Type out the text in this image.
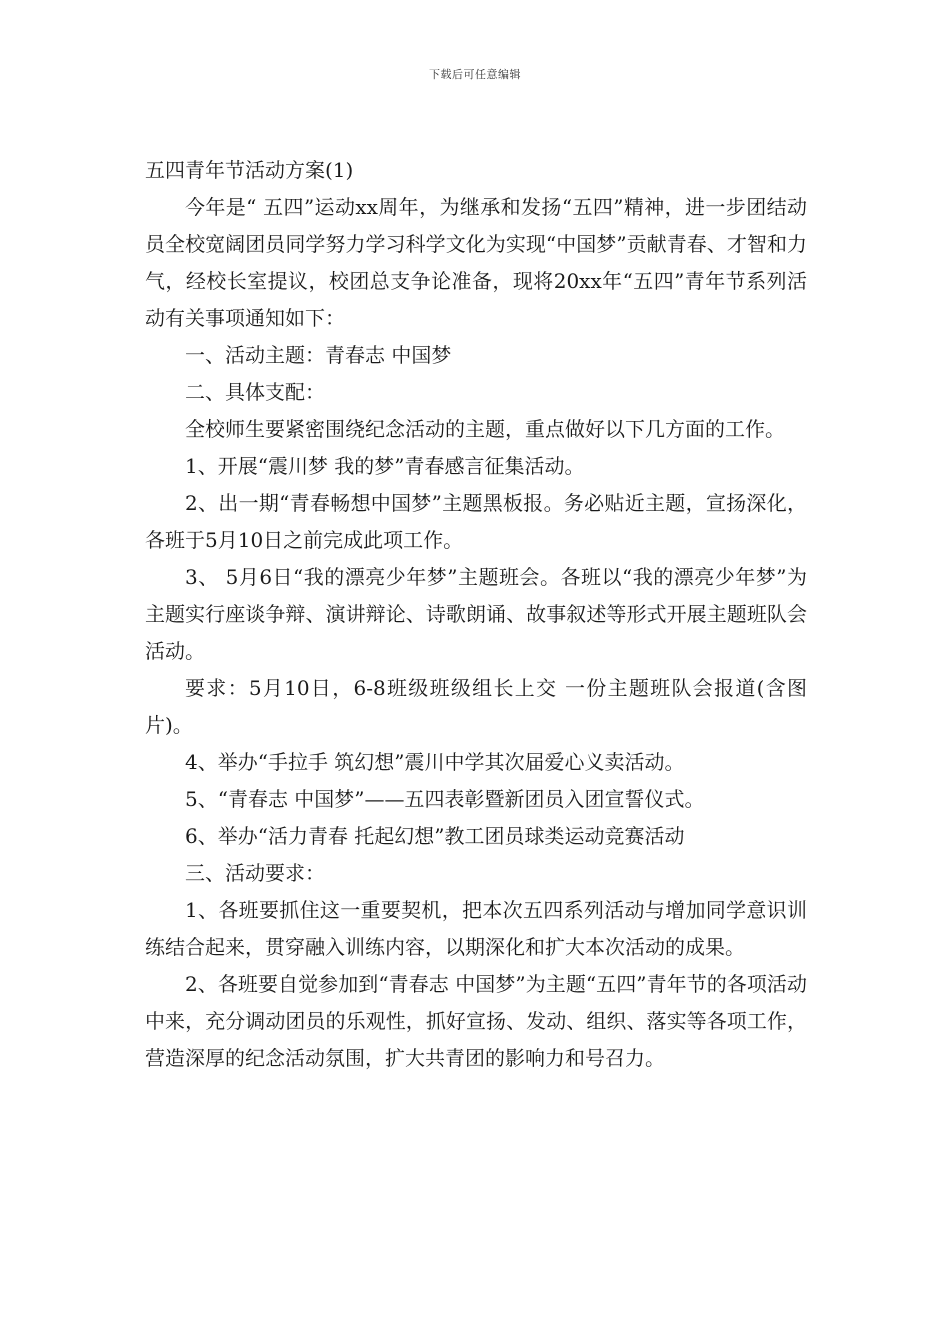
下载后可任意编辑

五四青年节活动方案(1)

今年是“ 五四”运动xx周年，为继承和发扬“五四”精神，进一步团结动员全校宽阔团员同学努力学习科学文化为实现“中国梦”贡献青春、才智和力气，经校长室提议，校团总支争论准备，现将20xx年“五四”青年节系列活动有关事项通知如下：

一、活动主题：青春志 中国梦

二、具体支配：

全校师生要紧密围绕纪念活动的主题，重点做好以下几方面的工作。

1、开展“震川梦 我的梦”青春感言征集活动。

2、出一期“青春畅想中国梦”主题黑板报。务必贴近主题，宣扬深化，各班于5月10日之前完成此项工作。

3、 5月6日“我的漂亮少年梦”主题班会。各班以“我的漂亮少年梦”为主题实行座谈争辩、演讲辩论、诗歌朗诵、故事叙述等形式开展主题班队会活动。

要求：5月10日，6-8班级班级组长上交 一份主题班队会报道(含图片)。

4、举办“手拉手 筑幻想”震川中学其次届爱心义卖活动。

5、“青春志 中国梦”——五四表彰暨新团员入团宣誓仪式。

6、举办“活力青春 托起幻想”教工团员球类运动竞赛活动

三、活动要求：

1、各班要抓住这一重要契机，把本次五四系列活动与增加同学意识训练结合起来，贯穿融入训练内容，以期深化和扩大本次活动的成果。

2、各班要自觉参加到“青春志 中国梦”为主题“五四”青年节的各项活动中来，充分调动团员的乐观性，抓好宣扬、发动、组织、落实等各项工作，营造深厚的纪念活动氛围，扩大共青团的影响力和号召力。
